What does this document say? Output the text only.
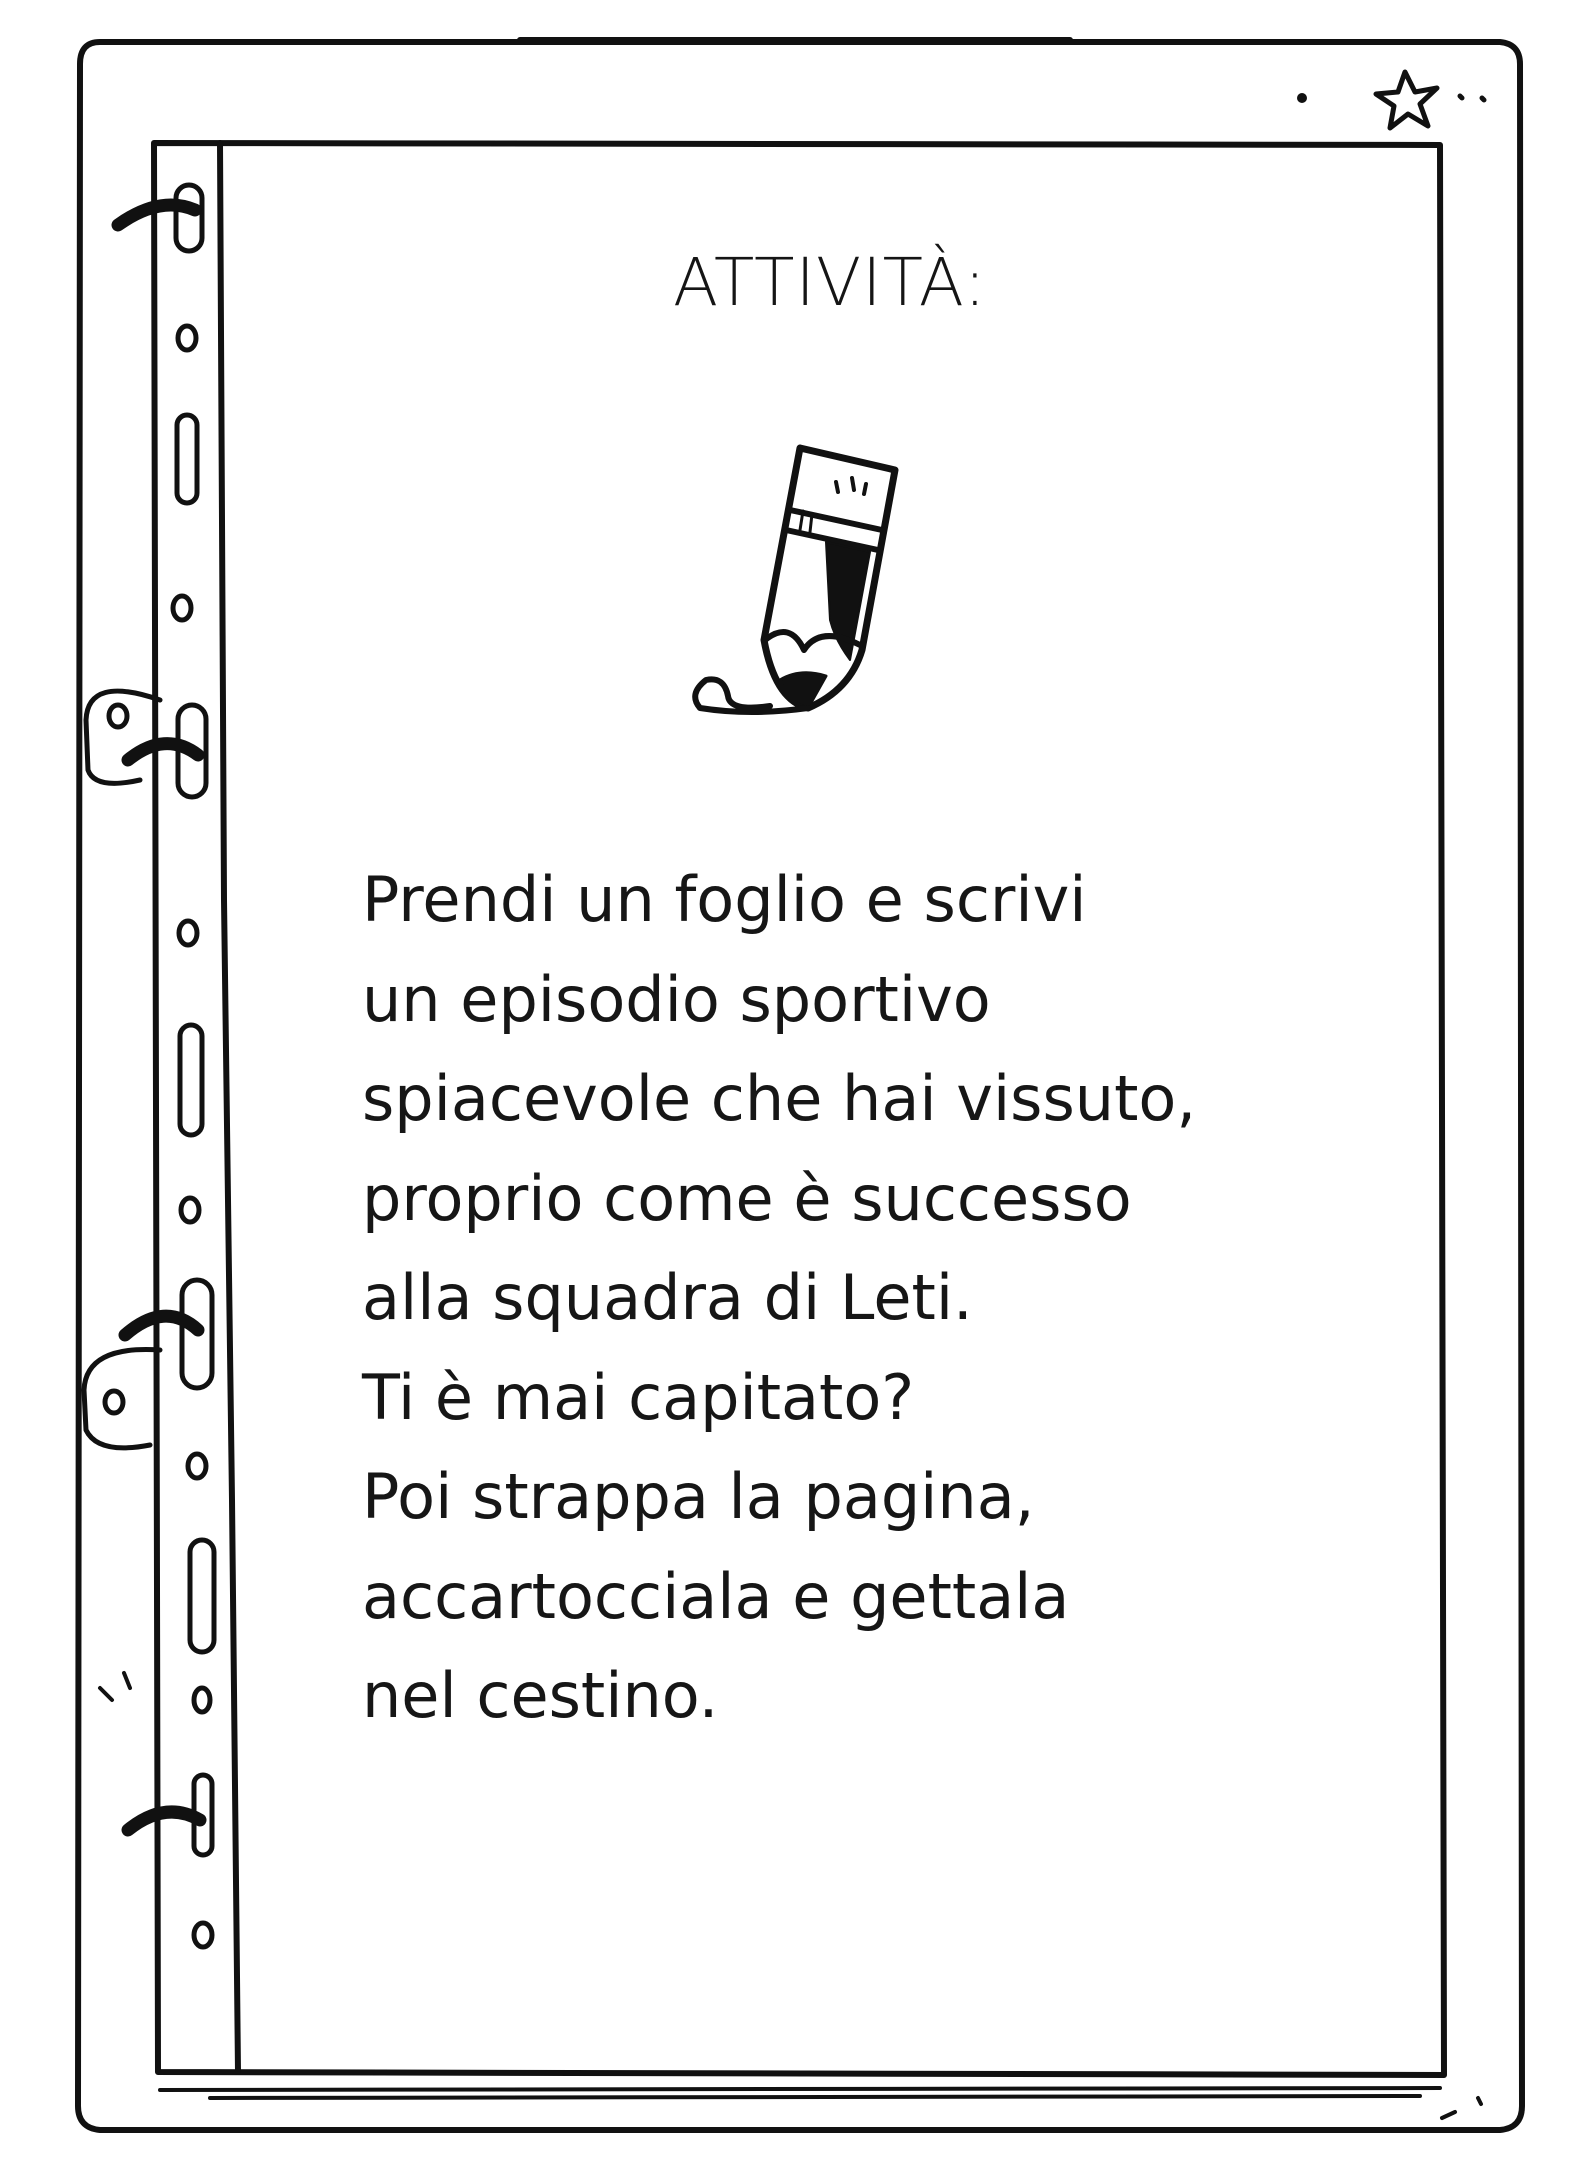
ATTIVITÀ:
Prendi un foglio e scrivi
un episodio sportivo
spiacevole che hai vissuto,
proprio come è successo
alla squadra di Leti.
Ti è mai capitato?
Poi strappa la pagina,
accartocciala e gettala
nel cestino.
